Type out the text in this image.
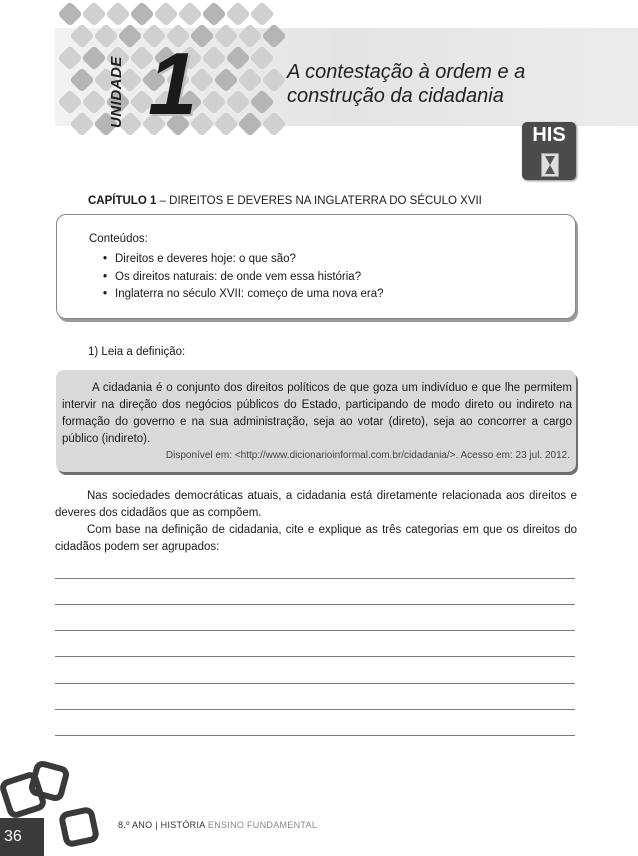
UNIDADE 1	A contestação à ordem e a
construção da cidadania
HIS
CAPÍTULO 1 – DIREITOS E DEVERES NA INGLATERRA DO SÉCULO XVII
Conteúdos:
• Direitos e deveres hoje: o que são?
• Os direitos naturais: de onde vem essa história?
• Inglaterra no século XVII: começo de uma nova era?
1) Leia a definição:
A cidadania é o conjunto dos direitos políticos de que goza um indivíduo e que lhe permitem intervir na direção dos negócios públicos do Estado, participando de modo direto ou indireto na formação do governo e na sua administração, seja ao votar (direto), seja ao concorrer a cargo público (indireto).
Disponível em: <http://www.dicionarioinformal.com.br/cidadania/>. Acesso em: 23 jul. 2012.
Nas sociedades democráticas atuais, a cidadania está diretamente relacionada aos direitos e deveres dos cidadãos que as compõem.
Com base na definição de cidadania, cite e explique as três categorias em que os direitos do cidadãos podem ser agrupados:
36
8.º ANO | HISTÓRIA ENSINO FUNDAMENTAL
